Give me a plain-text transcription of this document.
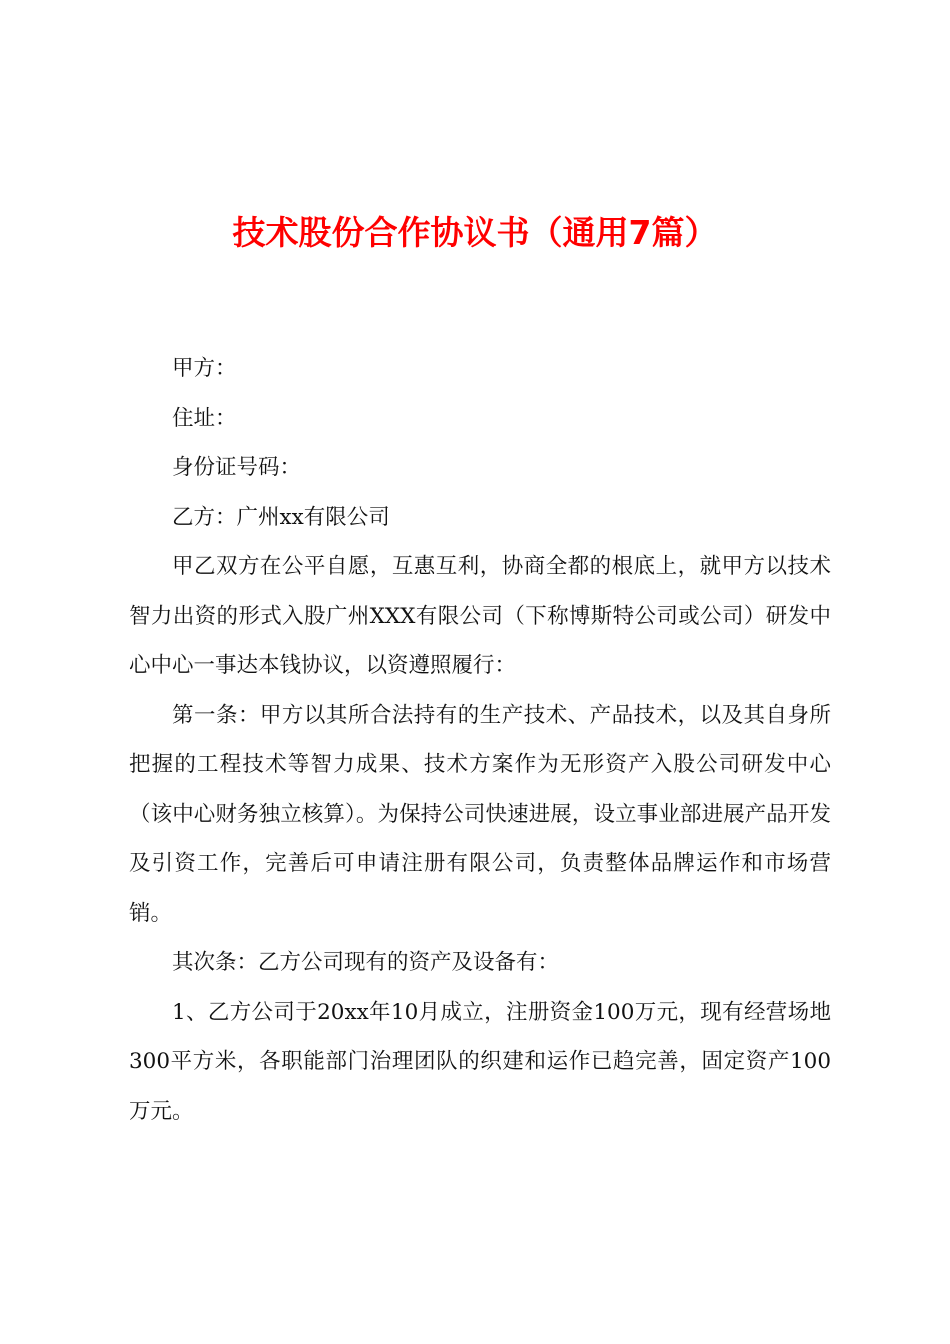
技术股份合作协议书（通用7篇）

甲方：

住址：

身份证号码：

乙方：广州xx有限公司

甲乙双方在公平自愿，互惠互利，协商全都的根底上，就甲方以技术智力出资的形式入股广州XXX有限公司（下称博斯特公司或公司）研发中心中心一事达本钱协议，以资遵照履行：

第一条：甲方以其所合法持有的生产技术、产品技术，以及其自身所把握的工程技术等智力成果、技术方案作为无形资产入股公司研发中心（该中心财务独立核算）。为保持公司快速进展，设立事业部进展产品开发及引资工作，完善后可申请注册有限公司，负责整体品牌运作和市场营销。

其次条：乙方公司现有的资产及设备有：

1、乙方公司于20xx年10月成立，注册资金100万元，现有经营场地300平方米，各职能部门治理团队的织建和运作已趋完善，固定资产100万元。
